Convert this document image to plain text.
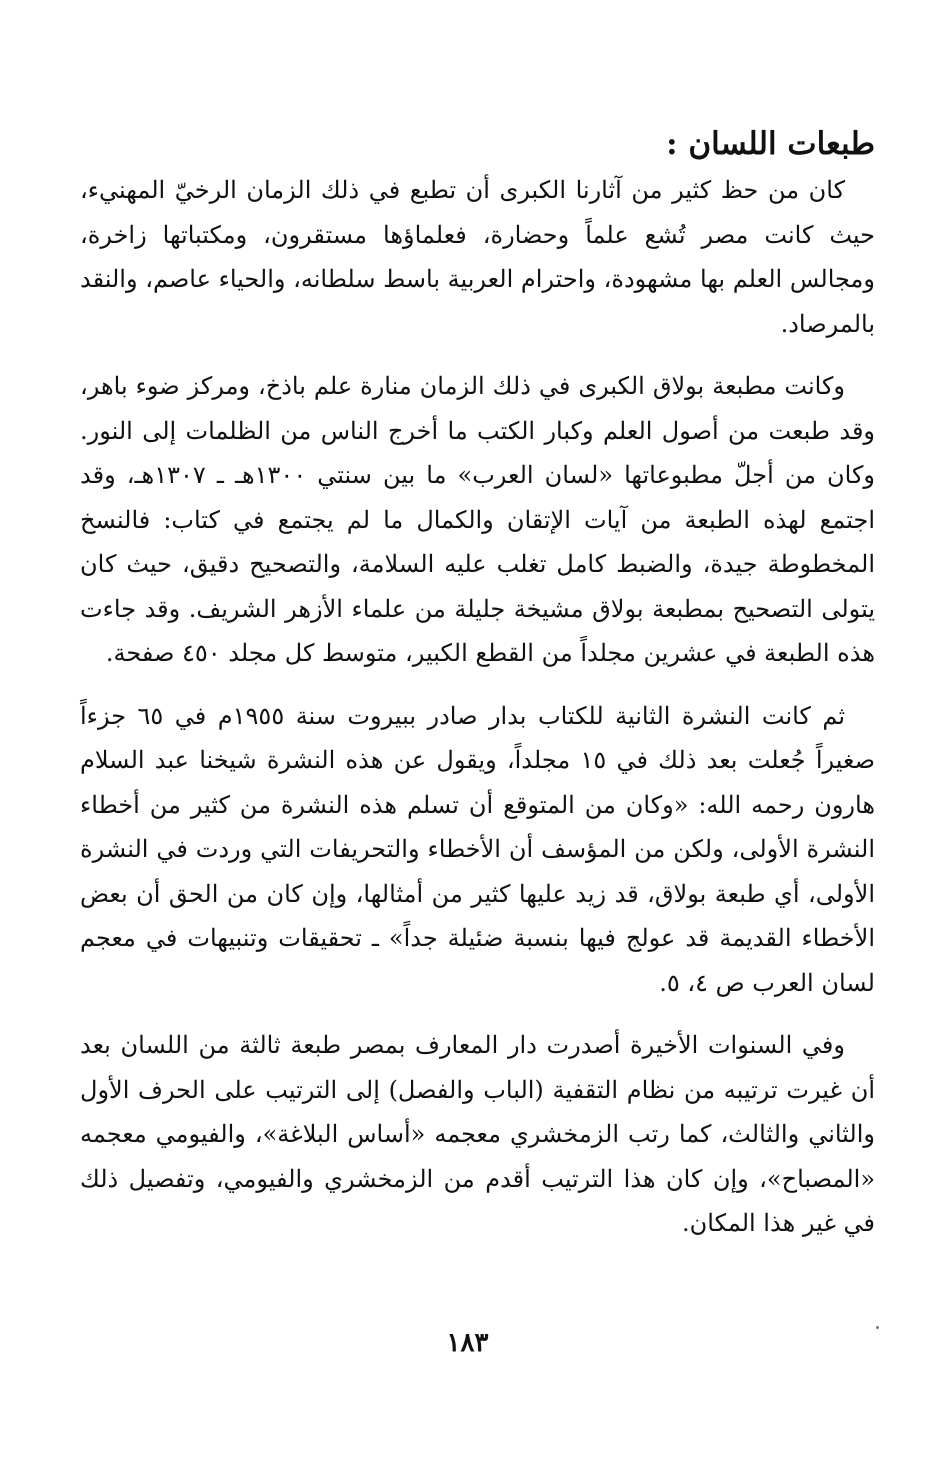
طبعات اللسان :

كان من حظ كثير من آثارنا الكبرى أن تطبع في ذلك الزمان الرخيّ المهنيء، حيث كانت مصر تُشع علماً وحضارة، فعلماؤها مستقرون، ومكتباتها زاخرة، ومجالس العلم بها مشهودة، واحترام العربية باسط سلطانه، والحياء عاصم، والنقد بالمرصاد.

وكانت مطبعة بولاق الكبرى في ذلك الزمان منارة علم باذخ، ومركز ضوء باهر، وقد طبعت من أصول العلم وكبار الكتب ما أخرج الناس من الظلمات إلى النور. وكان من أجلّ مطبوعاتها «لسان العرب» ما بين سنتي ١٣٠٠هـ ـ ١٣٠٧هـ، وقد اجتمع لهذه الطبعة من آيات الإتقان والكمال ما لم يجتمع في كتاب: فالنسخ المخطوطة جيدة، والضبط كامل تغلب عليه السلامة، والتصحيح دقيق، حيث كان يتولى التصحيح بمطبعة بولاق مشيخة جليلة من علماء الأزهر الشريف. وقد جاءت هذه الطبعة في عشرين مجلداً من القطع الكبير، متوسط كل مجلد ٤٥٠ صفحة.

ثم كانت النشرة الثانية للكتاب بدار صادر ببيروت سنة ١٩٥٥م في ٦٥ جزءاً صغيراً جُعلت بعد ذلك في ١٥ مجلداً، ويقول عن هذه النشرة شيخنا عبد السلام هارون رحمه الله: «وكان من المتوقع أن تسلم هذه النشرة من كثير من أخطاء النشرة الأولى، ولكن من المؤسف أن الأخطاء والتحريفات التي وردت في النشرة الأولى، أي طبعة بولاق، قد زيد عليها كثير من أمثالها، وإن كان من الحق أن بعض الأخطاء القديمة قد عولج فيها بنسبة ضئيلة جداً» ـ تحقيقات وتنبيهات في معجم لسان العرب ص ٤، ٥.

وفي السنوات الأخيرة أصدرت دار المعارف بمصر طبعة ثالثة من اللسان بعد أن غيرت ترتيبه من نظام التقفية (الباب والفصل) إلى الترتيب على الحرف الأول والثاني والثالث، كما رتب الزمخشري معجمه «أساس البلاغة»، والفيومي معجمه «المصباح»، وإن كان هذا الترتيب أقدم من الزمخشري والفيومي، وتفصيل ذلك في غير هذا المكان.

١٨٣
